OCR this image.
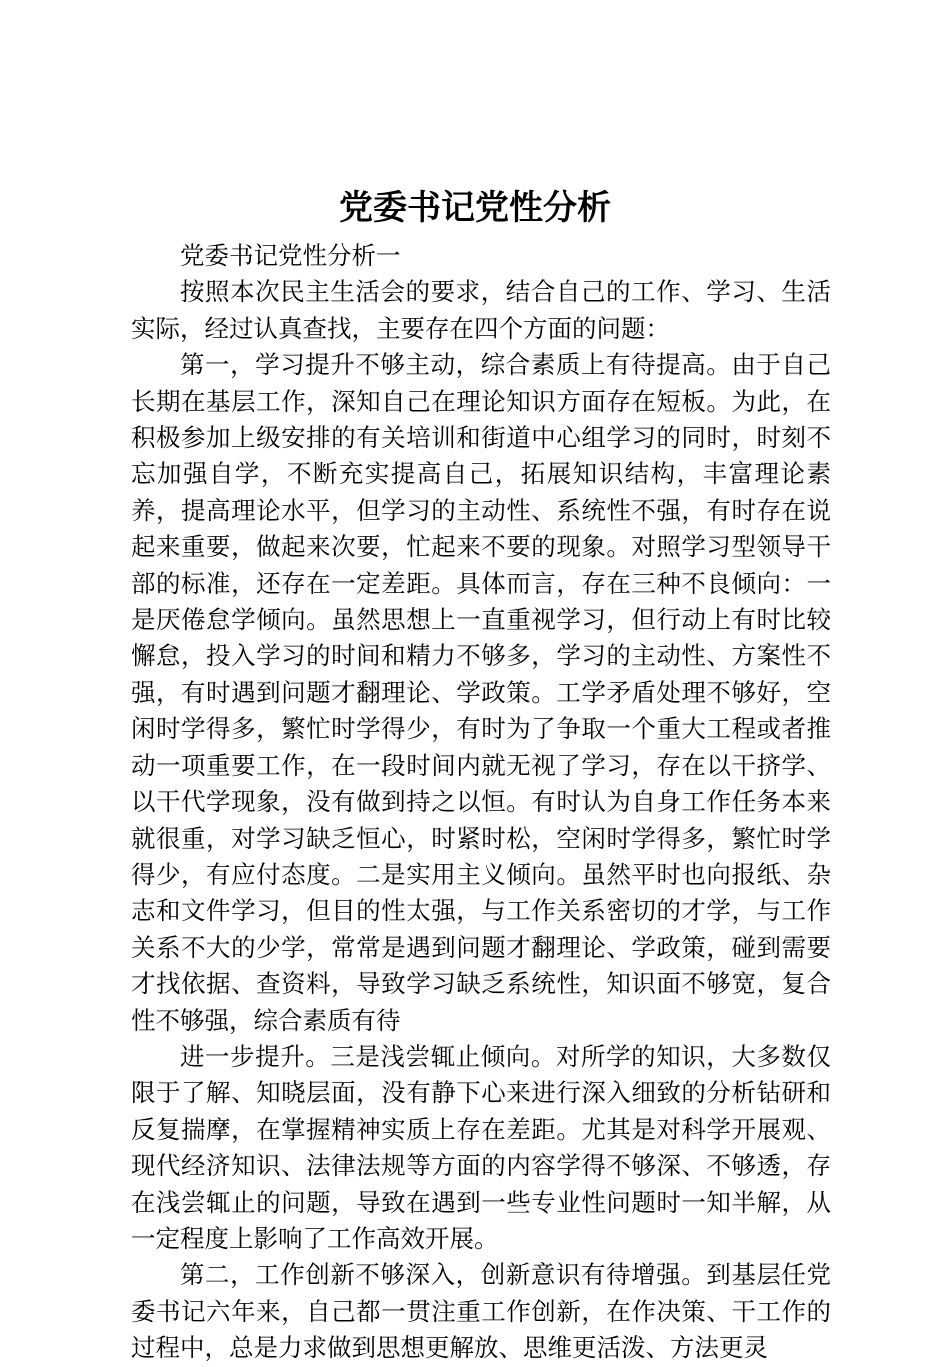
党委书记党性分析

党委书记党性分析一

按照本次民主生活会的要求，结合自己的工作、学习、生活实际，经过认真查找，主要存在四个方面的问题：

第一，学习提升不够主动，综合素质上有待提高。由于自己长期在基层工作，深知自己在理论知识方面存在短板。为此，在积极参加上级安排的有关培训和街道中心组学习的同时，时刻不忘加强自学，不断充实提高自己，拓展知识结构，丰富理论素养，提高理论水平，但学习的主动性、系统性不强，有时存在说起来重要，做起来次要，忙起来不要的现象。对照学习型领导干部的标准，还存在一定差距。具体而言，存在三种不良倾向：一是厌倦怠学倾向。虽然思想上一直重视学习，但行动上有时比较懈怠，投入学习的时间和精力不够多，学习的主动性、方案性不强，有时遇到问题才翻理论、学政策。工学矛盾处理不够好，空闲时学得多，繁忙时学得少，有时为了争取一个重大工程或者推动一项重要工作，在一段时间内就无视了学习，存在以干挤学、以干代学现象，没有做到持之以恒。有时认为自身工作任务本来就很重，对学习缺乏恒心，时紧时松，空闲时学得多，繁忙时学得少，有应付态度。二是实用主义倾向。虽然平时也向报纸、杂志和文件学习，但目的性太强，与工作关系密切的才学，与工作关系不大的少学，常常是遇到问题才翻理论、学政策，碰到需要才找依据、查资料，导致学习缺乏系统性，知识面不够宽，复合性不够强，综合素质有待

进一步提升。三是浅尝辄止倾向。对所学的知识，大多数仅限于了解、知晓层面，没有静下心来进行深入细致的分析钻研和反复揣摩，在掌握精神实质上存在差距。尤其是对科学开展观、现代经济知识、法律法规等方面的内容学得不够深、不够透，存在浅尝辄止的问题，导致在遇到一些专业性问题时一知半解，从一定程度上影响了工作高效开展。

第二，工作创新不够深入，创新意识有待增强。到基层任党委书记六年来，自己都一贯注重工作创新，在作决策、干工作的过程中，总是力求做到思想更解放、思维更活泼、方法更灵
